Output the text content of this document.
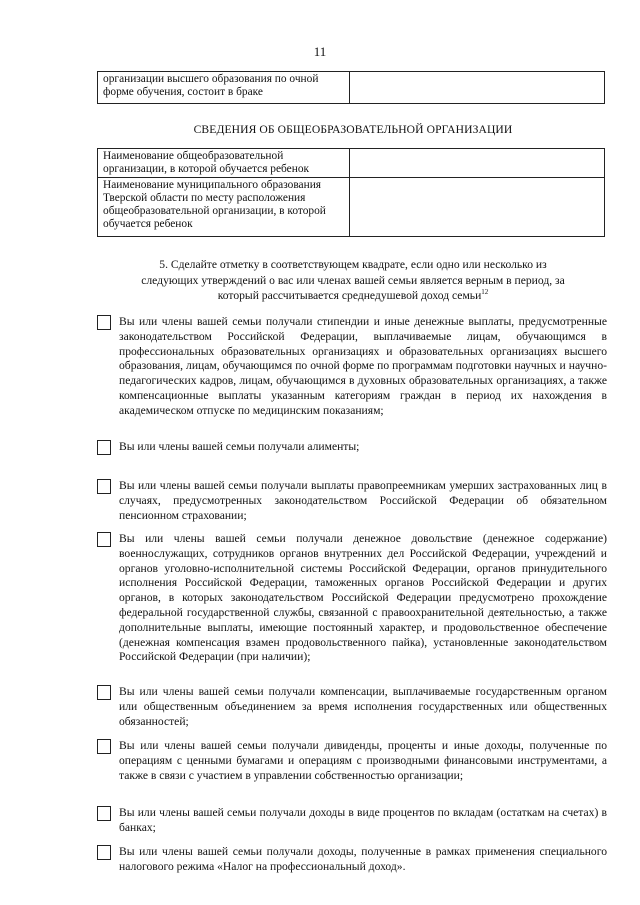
11
организации высшего образования по очной форме обучения, состоит в браке	
СВЕДЕНИЯ ОБ ОБЩЕОБРАЗОВАТЕЛЬНОЙ ОРГАНИЗАЦИИ
Наименование общеобразовательной организации, в которой обучается ребенок	
Наименование муниципального образования Тверской области по месту расположения общеобразовательной организации, в которой обучается ребенок	
5. Сделайте отметку в соответствующем квадрате, если одно или несколько из следующих утверждений о вас или членах вашей семьи является верным в период, за который рассчитывается среднедушевой доход семьи$^{12}$
Вы или члены вашей семьи получали стипендии и иные денежные выплаты, предусмотренные законодательством Российской Федерации, выплачиваемые лицам, обучающимся в профессиональных образовательных организациях и образовательных организациях высшего образования, лицам, обучающимся по очной форме по программам подготовки научных и научно-педагогических кадров, лицам, обучающимся в духовных образовательных организациях, а также компенсационные выплаты указанным категориям граждан в период их нахождения в академическом отпуске по медицинским показаниям;
Вы или члены вашей семьи получали алименты;
Вы или члены вашей семьи получали выплаты правопреемникам умерших застрахованных лиц в случаях, предусмотренных законодательством Российской Федерации об обязательном пенсионном страховании;
Вы или члены вашей семьи получали денежное довольствие (денежное содержание) военнослужащих, сотрудников органов внутренних дел Российской Федерации, учреждений и органов уголовно-исполнительной системы Российской Федерации, органов принудительного исполнения Российской Федерации, таможенных органов Российской Федерации и других органов, в которых законодательством Российской Федерации предусмотрено прохождение федеральной государственной службы, связанной с правоохранительной деятельностью, а также дополнительные выплаты, имеющие постоянный характер, и продовольственное обеспечение (денежная компенсация взамен продовольственного пайка), установленные законодательством Российской Федерации (при наличии);
Вы или члены вашей семьи получали компенсации, выплачиваемые государственным органом или общественным объединением за время исполнения государственных или общественных обязанностей;
Вы или члены вашей семьи получали дивиденды, проценты и иные доходы, полученные по операциям с ценными бумагами и операциям с производными финансовыми инструментами, а также в связи с участием в управлении собственностью организации;
Вы или члены вашей семьи получали доходы в виде процентов по вкладам (остаткам на счетах) в банках;
Вы или члены вашей семьи получали доходы, полученные в рамках применения специального налогового режима «Налог на профессиональный доход».
